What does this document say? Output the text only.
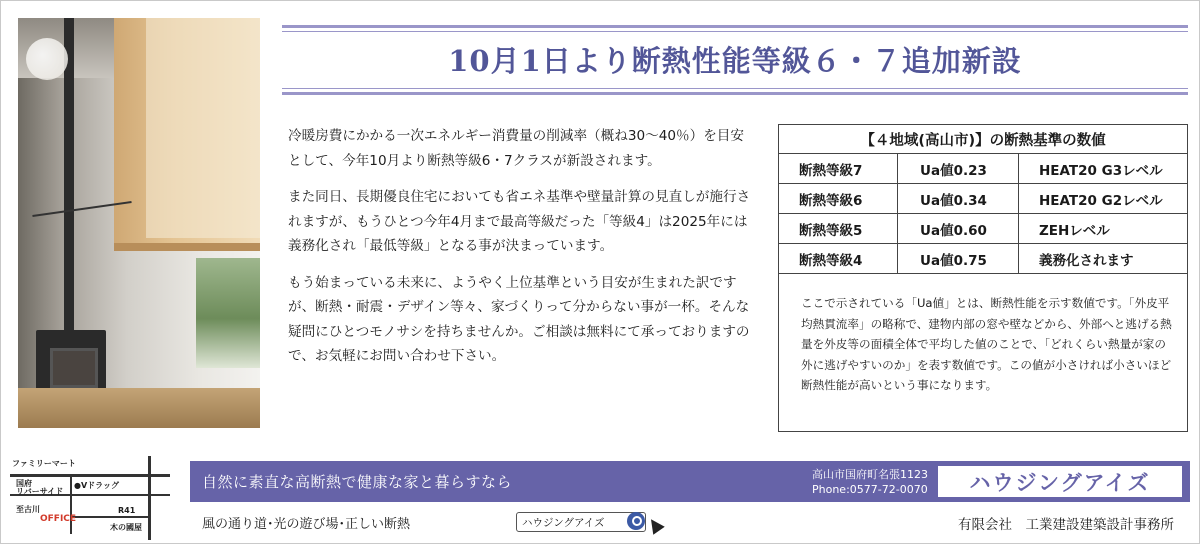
10月1日より断熱性能等級６・７追加新設

冷暖房費にかかる一次エネルギー消費量の削減率（概ね30〜40％）を目安として、今年10月より断熱等級6・7クラスが新設されます。

また同日、長期優良住宅においても省エネ基準や壁量計算の見直しが施行されますが、もうひとつ今年4月まで最高等級だった「等級4」は2025年には義務化され「最低等級」となる事が決まっています。

もう始まっている未来に、ようやく上位基準という目安が生まれた訳ですが、断熱・耐震・デザイン等々、家づくりって分からない事が一杯。そんな疑問にひとつモノサシを持ちませんか。ご相談は無料にて承っておりますので、お気軽にお問い合わせ下さい。

【４地域(高山市)】の断熱基準の数値
断熱等級7	Ua値0.23	HEAT20 G3レベル
断熱等級6	Ua値0.34	HEAT20 G2レベル
断熱等級5	Ua値0.60	ZEHレベル
断熱等級4	Ua値0.75	義務化されます
ここで示されている「Ua値」とは、断熱性能を示す数値です。「外皮平均熱貫流率」の略称で、建物内部の窓や壁などから、外部へと逃げる熱量を外皮等の面積全体で平均した値のことで、「どれくらい熱量が家の外に逃げやすいのか」を表す数値です。この値が小さければ小さいほど断熱性能が高いという事になります。
ファミリーマート
国府
リバーサイド
●Vドラッグ
至古川	R41
OFFICE
木の國屋
自然に素直な高断熱で健康な家と暮らすなら	高山市国府町名張1123
Phone:0577-72-0070	ハウジングアイズ
風の通り道･光の遊び場･正しい断熱	ハウジングアイズ	有限会社　工業建設建築設計事務所
